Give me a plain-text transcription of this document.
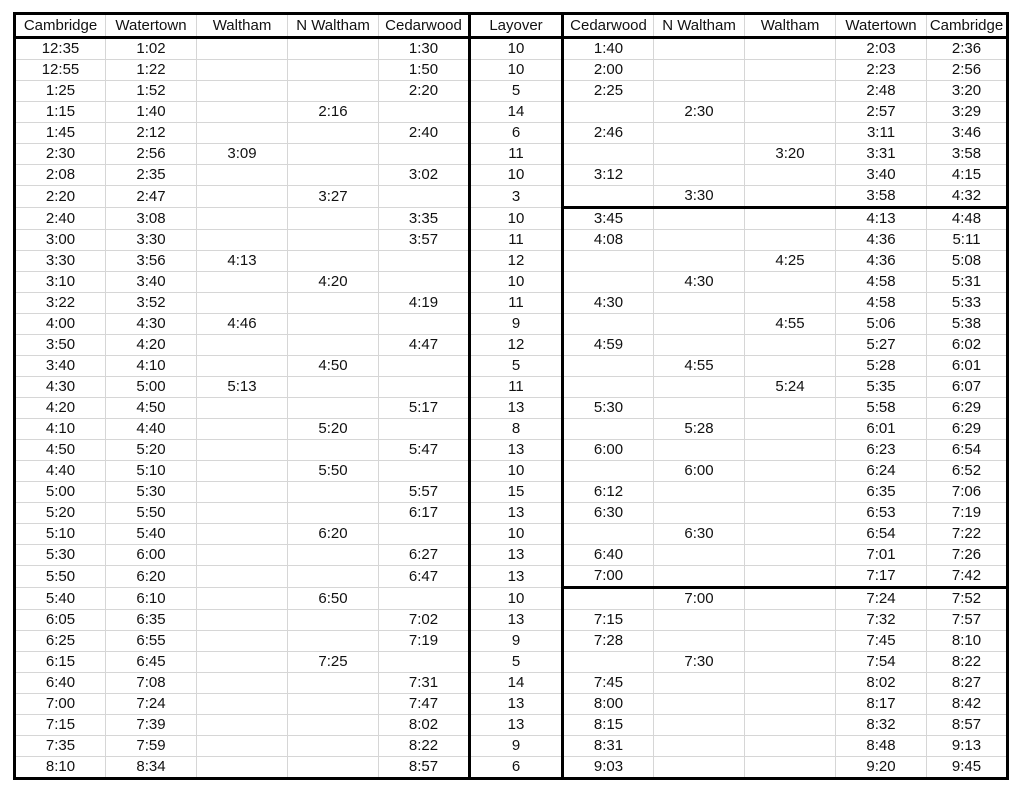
Cambridge	Watertown	Waltham	N Waltham	Cedarwood	Layover	Cedarwood	N Waltham	Waltham	Watertown	Cambridge
12:35	1:02			1:30	10	1:40			2:03	2:36
12:55	1:22			1:50	10	2:00			2:23	2:56
1:25	1:52			2:20	5	2:25			2:48	3:20
1:15	1:40		2:16		14		2:30		2:57	3:29
1:45	2:12			2:40	6	2:46			3:11	3:46
2:30	2:56	3:09			11			3:20	3:31	3:58
2:08	2:35			3:02	10	3:12			3:40	4:15
2:20	2:47		3:27		3		3:30		3:58	4:32
2:40	3:08			3:35	10	3:45			4:13	4:48
3:00	3:30			3:57	11	4:08			4:36	5:11
3:30	3:56	4:13			12			4:25	4:36	5:08
3:10	3:40		4:20		10		4:30		4:58	5:31
3:22	3:52			4:19	11	4:30			4:58	5:33
4:00	4:30	4:46			9			4:55	5:06	5:38
3:50	4:20			4:47	12	4:59			5:27	6:02
3:40	4:10		4:50		5		4:55		5:28	6:01
4:30	5:00	5:13			11			5:24	5:35	6:07
4:20	4:50			5:17	13	5:30			5:58	6:29
4:10	4:40		5:20		8		5:28		6:01	6:29
4:50	5:20			5:47	13	6:00			6:23	6:54
4:40	5:10		5:50		10		6:00		6:24	6:52
5:00	5:30			5:57	15	6:12			6:35	7:06
5:20	5:50			6:17	13	6:30			6:53	7:19
5:10	5:40		6:20		10		6:30		6:54	7:22
5:30	6:00			6:27	13	6:40			7:01	7:26
5:50	6:20			6:47	13	7:00			7:17	7:42
5:40	6:10		6:50		10		7:00		7:24	7:52
6:05	6:35			7:02	13	7:15			7:32	7:57
6:25	6:55			7:19	9	7:28			7:45	8:10
6:15	6:45		7:25		5		7:30		7:54	8:22
6:40	7:08			7:31	14	7:45			8:02	8:27
7:00	7:24			7:47	13	8:00			8:17	8:42
7:15	7:39			8:02	13	8:15			8:32	8:57
7:35	7:59			8:22	9	8:31			8:48	9:13
8:10	8:34			8:57	6	9:03			9:20	9:45
